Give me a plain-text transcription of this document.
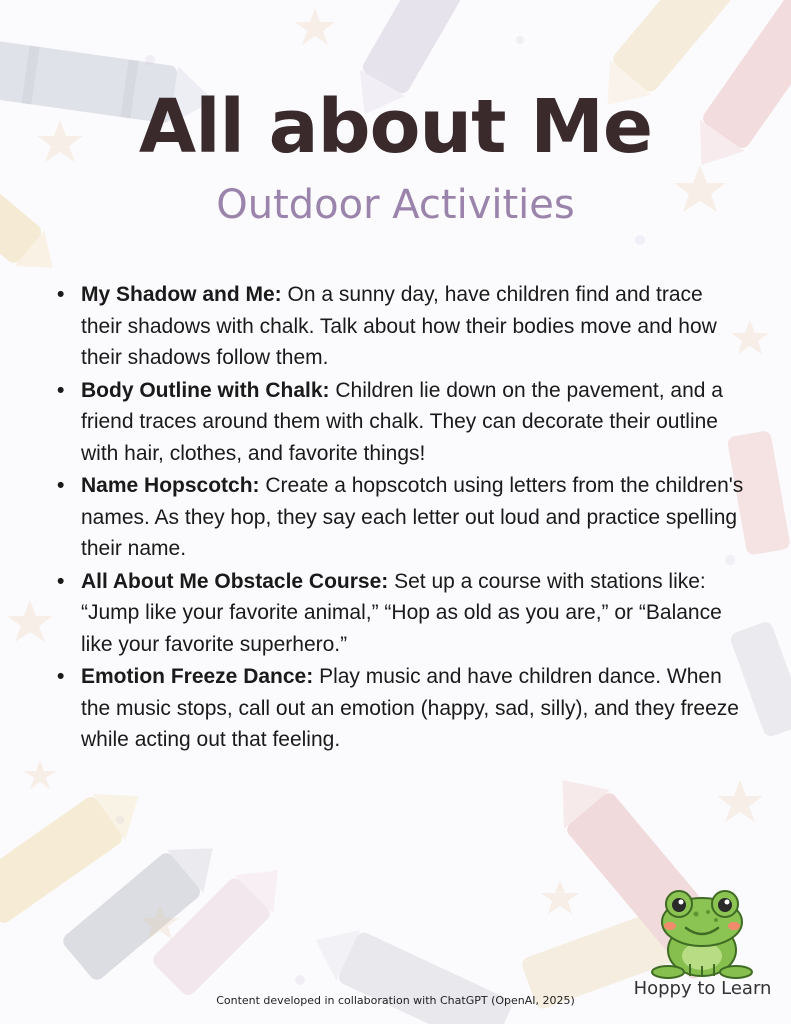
All about Me
Outdoor Activities
• My Shadow and Me: On a sunny day, have children find and trace their shadows with chalk. Talk about how their bodies move and how their shadows follow them.
• Body Outline with Chalk: Children lie down on the pavement, and a friend traces around them with chalk. They can decorate their outline with hair, clothes, and favorite things!
• Name Hopscotch: Create a hopscotch using letters from the children's names. As they hop, they say each letter out loud and practice spelling their name.
• All About Me Obstacle Course: Set up a course with stations like: “Jump like your favorite animal,” “Hop as old as you are,” or “Balance like your favorite superhero.”
• Emotion Freeze Dance: Play music and have children dance. When the music stops, call out an emotion (happy, sad, silly), and they freeze while acting out that feeling.
Hoppy to Learn
Content developed in collaboration with ChatGPT (OpenAI, 2025)
